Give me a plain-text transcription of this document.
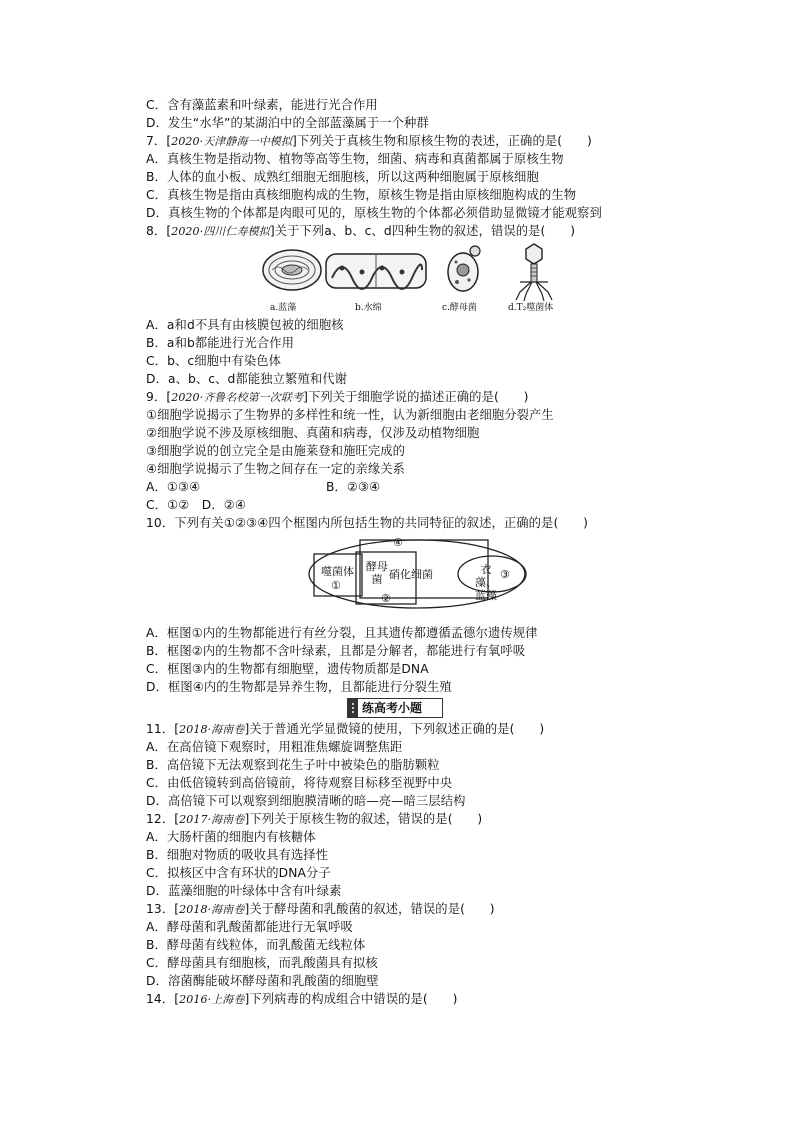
C．含有藻蓝素和叶绿素，能进行光合作用
D．发生“水华”的某湖泊中的全部蓝藻属于一个种群
7．[2020·天津静海一中模拟]下列关于真核生物和原核生物的表述，正确的是(　　)
A．真核生物是指动物、植物等高等生物，细菌、病毒和真菌都属于原核生物
B．人体的血小板、成熟红细胞无细胞核，所以这两种细胞属于原核细胞
C．真核生物是指由真核细胞构成的生物，原核生物是指由原核细胞构成的生物
D．真核生物的个体都是肉眼可见的，原核生物的个体都必须借助显微镜才能观察到
8．[2020·四川仁寿模拟]关于下列a、b、c、d四种生物的叙述，错误的是(　　)
a.蓝藻	b.水绵	c.酵母菌	d.T₂噬菌体
A．a和d不具有由核膜包被的细胞核
B．a和b都能进行光合作用
C．b、c细胞中有染色体
D．a、b、c、d都能独立繁殖和代谢
9．[2020·齐鲁名校第一次联考]下列关于细胞学说的描述正确的是(　　)
①细胞学说揭示了生物界的多样性和统一性，认为新细胞由老细胞分裂产生
②细胞学说不涉及原核细胞、真菌和病毒，仅涉及动植物细胞
③细胞学说的创立完全是由施莱登和施旺完成的
④细胞学说揭示了生物之间存在一定的亲缘关系
A．①③④	B．②③④
C．①②　D．②④
10．下列有关①②③④四个框图内所包括生物的共同特征的叙述，正确的是(　　)
噬菌体
①
酵母菌 硝化细菌
②
衣藻、蓝藻
③
④
A．框图①内的生物都能进行有丝分裂，且其遗传都遵循孟德尔遗传规律
B．框图②内的生物都不含叶绿素，且都是分解者，都能进行有氧呼吸
C．框图③内的生物都有细胞壁，遗传物质都是DNA
D．框图④内的生物都是异养生物，且都能进行分裂生殖
练高考小题
11．[2018·海南卷]关于普通光学显微镜的使用，下列叙述正确的是(　　)
A．在高倍镜下观察时，用粗准焦螺旋调整焦距
B．高倍镜下无法观察到花生子叶中被染色的脂肪颗粒
C．由低倍镜转到高倍镜前，将待观察目标移至视野中央
D．高倍镜下可以观察到细胞膜清晰的暗—亮—暗三层结构
12．[2017·海南卷]下列关于原核生物的叙述，错误的是(　　)
A．大肠杆菌的细胞内有核糖体
B．细胞对物质的吸收具有选择性
C．拟核区中含有环状的DNA分子
D．蓝藻细胞的叶绿体中含有叶绿素
13．[2018·海南卷]关于酵母菌和乳酸菌的叙述，错误的是(　　)
A．酵母菌和乳酸菌都能进行无氧呼吸
B．酵母菌有线粒体，而乳酸菌无线粒体
C．酵母菌具有细胞核，而乳酸菌具有拟核
D．溶菌酶能破坏酵母菌和乳酸菌的细胞壁
14．[2016·上海卷]下列病毒的构成组合中错误的是(　　)
